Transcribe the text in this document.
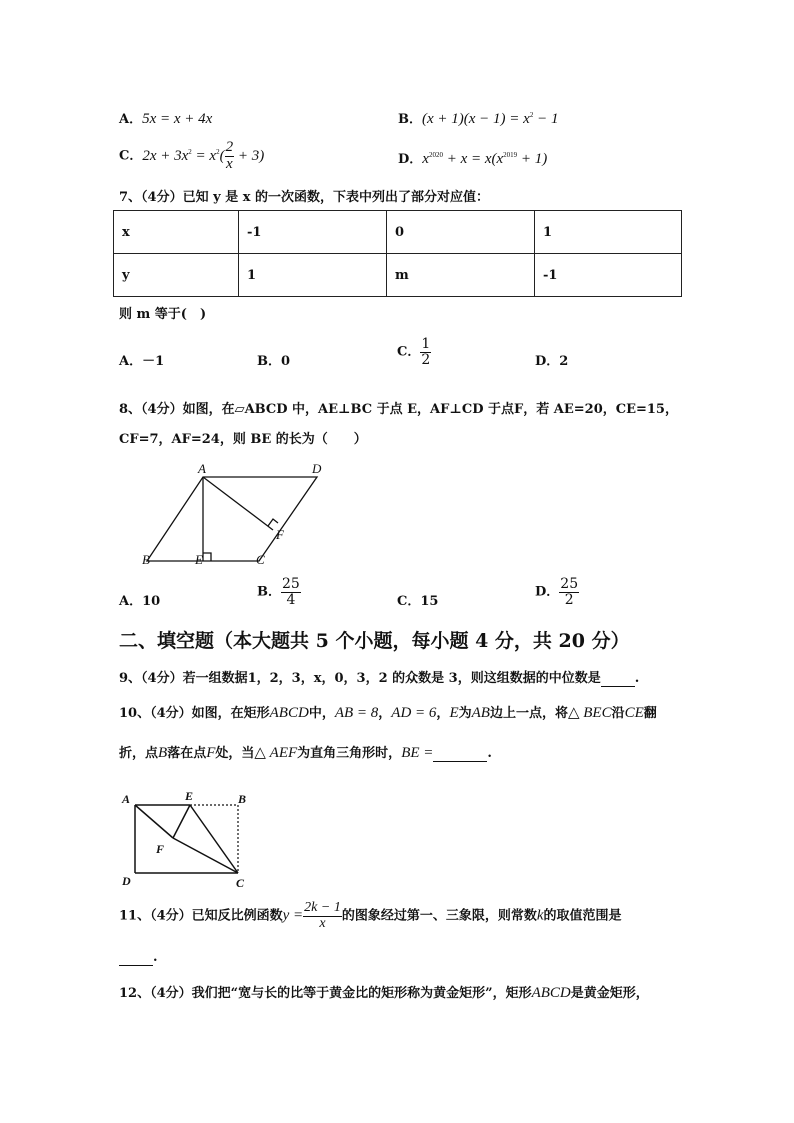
A．5x = x + 4x	B．$(x + 1)(x - 1) = x^2 - 1$
C．$2x + 3x^2 = x^2( \frac{2}{x} + 3)$	D．$x^{2020} + x = x(x^{2019} + 1)$
7、（4分）已知 y 是 x 的一次函数，下表中列出了部分对应值：
x	-1	0	1
y	1	m	-1
则 m 等于(　)
A．－1	B．0
C． $\frac{1}{2}$	D．2
8、（4分）如图，在▱ABCD 中，AE⊥BC 于点 E，AF⊥CD 于点F，若 AE=20，CE=15，
CF=7，AF=24，则 BE 的长为（　　）
A	D
B	E	C
F
A．10
B． $\frac{25}{4}$	C．15
D． $\frac{25}{2}$
二、填空题（本大题共 5 个小题，每小题 4 分，共 20 分）
9、（4分）若一组数据1，2，3，x，0，3，2 的众数是 3，则这组数据的中位数是	.
10、（4分）如图，在矩形ABCD中，AB = 8，AD = 6，E为AB边上一点，将△ BEC沿CE翻
折，点B落在点F处，当△ AEF为直角三角形时，BE =	.
A	E	B
F
D	C
11、（4分）已知反比例函数$y = \frac{2k - 1}{x}$ 的图象经过第一、三象限，则常数k的取值范围是
.
12、（4分）我们把“宽与长的比等于黄金比的矩形称为黄金矩形”，矩形ABCD是黄金矩形，
